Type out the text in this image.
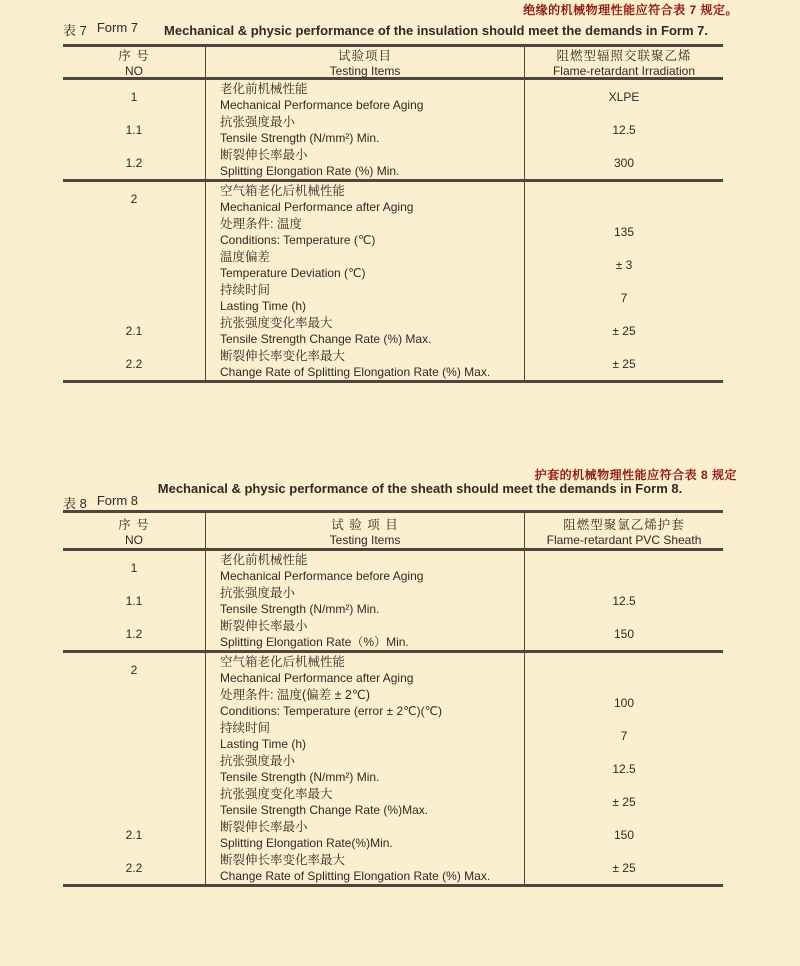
绝缘的机械物理性能应符合表 7 规定。
表 7 Form 7 Mechanical & physic performance of the insulation should meet the demands in Form 7.
序 号
NO
试验项目
Testing Items
阻燃型辐照交联聚乙烯
Flame-retardant Irradiation
1
老化前机械性能
Mechanical Performance before Aging
XLPE
1.1
抗张强度最小
Tensile Strength (N/mm²) Min.
12.5
1.2
断裂伸长率最小
Splitting Elongation Rate (%) Min.
300
2
空气箱老化后机械性能
Mechanical Performance after Aging
处理条件: 温度
Conditions: Temperature (℃)
135
温度偏差
Temperature Deviation (℃)
± 3
持续时间
Lasting Time (h)
7
2.1
抗张强度变化率最大
Tensile Strength Change Rate (%) Max.
± 25
2.2
断裂伸长率变化率最大
Change Rate of Splitting Elongation Rate (%) Max.
± 25
护套的机械物理性能应符合表 8 规定
Mechanical & physic performance of the sheath should meet the demands in Form 8.
表 8 Form 8
序 号
NO
试 验 项 目
Testing Items
阻燃型聚氯乙烯护套
Flame-retardant PVC Sheath
1
老化前机械性能
Mechanical Performance before Aging
1.1
抗张强度最小
Tensile Strength (N/mm²) Min.
12.5
1.2
断裂伸长率最小
Splitting Elongation Rate（%）Min.
150
2
空气箱老化后机械性能
Mechanical Performance after Aging
处理条件: 温度(偏差 ± 2℃)
Conditions: Temperature (error ± 2℃)(℃)
100
持续时间
Lasting Time (h)
7
抗张强度最小
Tensile Strength (N/mm²) Min.
12.5
抗张强度变化率最大
Tensile Strength Change Rate (%)Max.
± 25
2.1
断裂伸长率最小
Splitting Elongation Rate(%)Min.
150
2.2
断裂伸长率变化率最大
Change Rate of Splitting Elongation Rate (%) Max.
± 25
